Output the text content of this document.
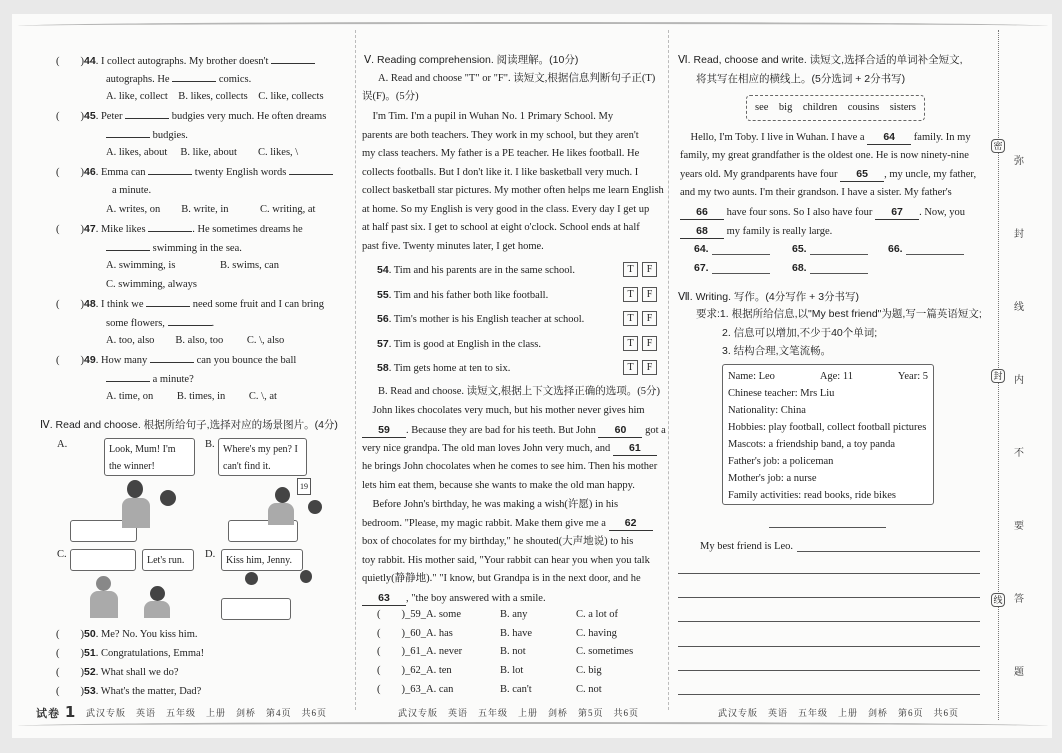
Ⅳ. Read and choose. 根据所给句子,选择对应的场景图片。(4分)
A.	B.
C.	D.
Look, Mum! I'm the winner!
Where's my pen? I can't find it.
Let's run.	Kiss him, Jenny.
19
试卷 1 武汉专版　英语　五年级　上册　剑桥　第4页　共6页
Ⅴ. Reading comprehension. 阅读理解。(10分)
武汉专版　英语　五年级　上册　剑桥　第5页　共6页
Ⅵ. Read, choose and write. 读短文,选择合适的单词补全短文,
将其写在相应的横线上。(5分选词 + 2分书写)
see　big　children　cousins　sisters
Ⅶ. Writing. 写作。(4分写作 + 3分书写)
要求:1. 根据所给信息,以"My best friend"为题,写一篇英语短文;
2. 信息可以增加,不少于40个单词;
3. 结构合理,文笔流畅。
Name: Leo	Age: 11	Year: 5
Chinese teacher: Mrs Liu
Nationality: China
Hobbies: play football, collect football pictures
Mascots: a friendship band, a toy panda
Father's job: a policeman
Mother's job: a nurse
Family activities: read books, ride bikes
My best friend is Leo.
武汉专版　英语　五年级　上册　剑桥　第6页　共6页
(　　)44. I collect autographs. My brother doesn't
autographs. He	comics.
A. like, collect　B. likes, collects　C. like, collects
(　　)45. Peter	budgies very much. He often dreams
budgies.
A. likes, about　 B. like, about　　C. likes, \
(　　)46. Emma can	twenty English words
a minute.
A. writes, on　　B. write, in　　　C. writing, at
(　　)47. Mike likes	. He sometimes dreams he
swimming in the sea.
A. swimming, is　　　　 B. swims, can
C. swimming, always
(　　)48. I think we	need some fruit and I can bring
some flowers,	.
A. too, also　　B. also, too　　 C. \, also
(　　)49. How many	can you bounce the ball
a minute?
A. time, on　　 B. times, in　　 C. \, at
(　　)50. Me? No. You kiss him.
(　　)51. Congratulations, Emma!
(　　)52. What shall we do?
(　　)53. What's the matter, Dad?
A. Read and choose "T" or "F". 读短文,根据信息判断句子正(T)
误(F)。(5分)
　I'm Tim. I'm a pupil in Wuhan No. 1 Primary School. My
parents are both teachers. They work in my school, but they aren't
my class teachers. My father is a PE teacher. He likes football. He
collects footballs. But I don't like it. I like basketball very much. I
collect basketball star pictures. My mother often helps me learn English
at home. So my English is very good in the class. Every day I get up
at half past six. I get to school at eight o'clock. School ends at half
past five. Twenty minutes later, I get home.
54. Tim and his parents are in the same school.	T	F
55. Tim and his father both like football.	T	F
56. Tim's mother is his English teacher at school.	T	F
57. Tim is good at English in the class.	T	F
58. Tim gets home at ten to six.	T	F
B. Read and choose. 读短文,根据上下文选择正确的选项。(5分)
　John likes chocolates very much, but his mother never gives him
59 . Because they are bad for his teeth. But John 60 got a
very nice grandpa. The old man loves John very much, and 61
he brings John chocolates when he comes to see him. Then his mother
lets him eat them, because she wants to make the old man happy.
　Before John's birthday, he was making a wish(许愿) in his
bedroom. "Please, my magic rabbit. Make them give me a 62
box of chocolates for my birthday," he shouted(大声地说) to his
toy rabbit. His mother said, "Your rabbit can hear you when you talk
quietly(静静地)." "I know, but Grandpa is in the next door, and he
63 , "the boy answered with a smile.
(　　)_59_A. some	B. any	C. a lot of
(　　)_60_A. has	B. have	C. having
(　　)_61_A. never	B. not	C. sometimes
(　　)_62_A. ten	B. lot	C. big
(　　)_63_A. can	B. can't	C. not
　Hello, I'm Toby. I live in Wuhan. I have a 64 family. In my
family, my great grandfather is the oldest one. He is now ninety-nine
years old. My grandparents have four 65 , my uncle, my father,
and my two aunts. I'm their grandson. I have a sister. My father's
66 have four sons. So I also have four 67 . Now, you
68 my family is really large.
64.	65.	66.
67.	68.
弥
封
线
内
不
要
答
题
密
封
线
